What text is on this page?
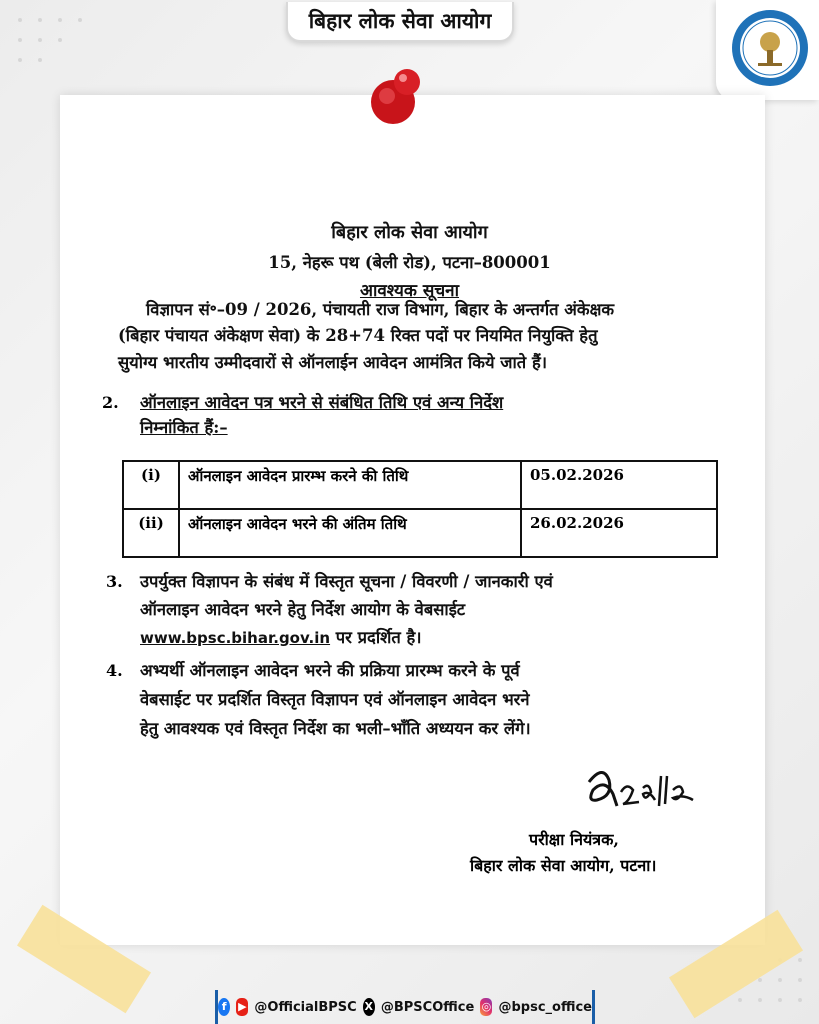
बिहार लोक सेवा आयोग
बिहार लोक सेवा आयोग
15, नेहरू पथ (बेली रोड), पटना–800001
आवश्यक सूचना
विज्ञापन सं॰–09 / 2026, पंचायती राज विभाग, बिहार के अन्तर्गत अंकेक्षक
(बिहार पंचायत अंकेक्षण सेवा) के 28+74 रिक्त पदों पर नियमित नियुक्ति हेतु
सुयोग्य भारतीय उम्मीदवारों से ऑनलाईन आवेदन आमंत्रित किये जाते हैं।
2. ऑनलाइन आवेदन पत्र भरने से संबंधित तिथि एवं अन्य निर्देश
निम्नांकित हैं:–
(i)	ऑनलाइन आवेदन प्रारम्भ करने की तिथि	05.02.2026
(ii)	ऑनलाइन आवेदन भरने की अंतिम तिथि	26.02.2026
3. उपर्युक्त विज्ञापन के संबंध में विस्तृत सूचना / विवरणी / जानकारी एवं
ऑनलाइन आवेदन भरने हेतु निर्देश आयोग के वेबसाईट
www.bpsc.bihar.gov.in पर प्रदर्शित है।
4. अभ्यर्थी ऑनलाइन आवेदन भरने की प्रक्रिया प्रारम्भ करने के पूर्व
वेबसाईट पर प्रदर्शित विस्तृत विज्ञापन एवं ऑनलाइन आवेदन भरने
हेतु आवश्यक एवं विस्तृत निर्देश का भली–भाँति अध्ययन कर लेंगे।
परीक्षा नियंत्रक,
बिहार लोक सेवा आयोग, पटना।
f	▶ @OfficialBPSC X @BPSCOffice ◎ @bpsc_office
